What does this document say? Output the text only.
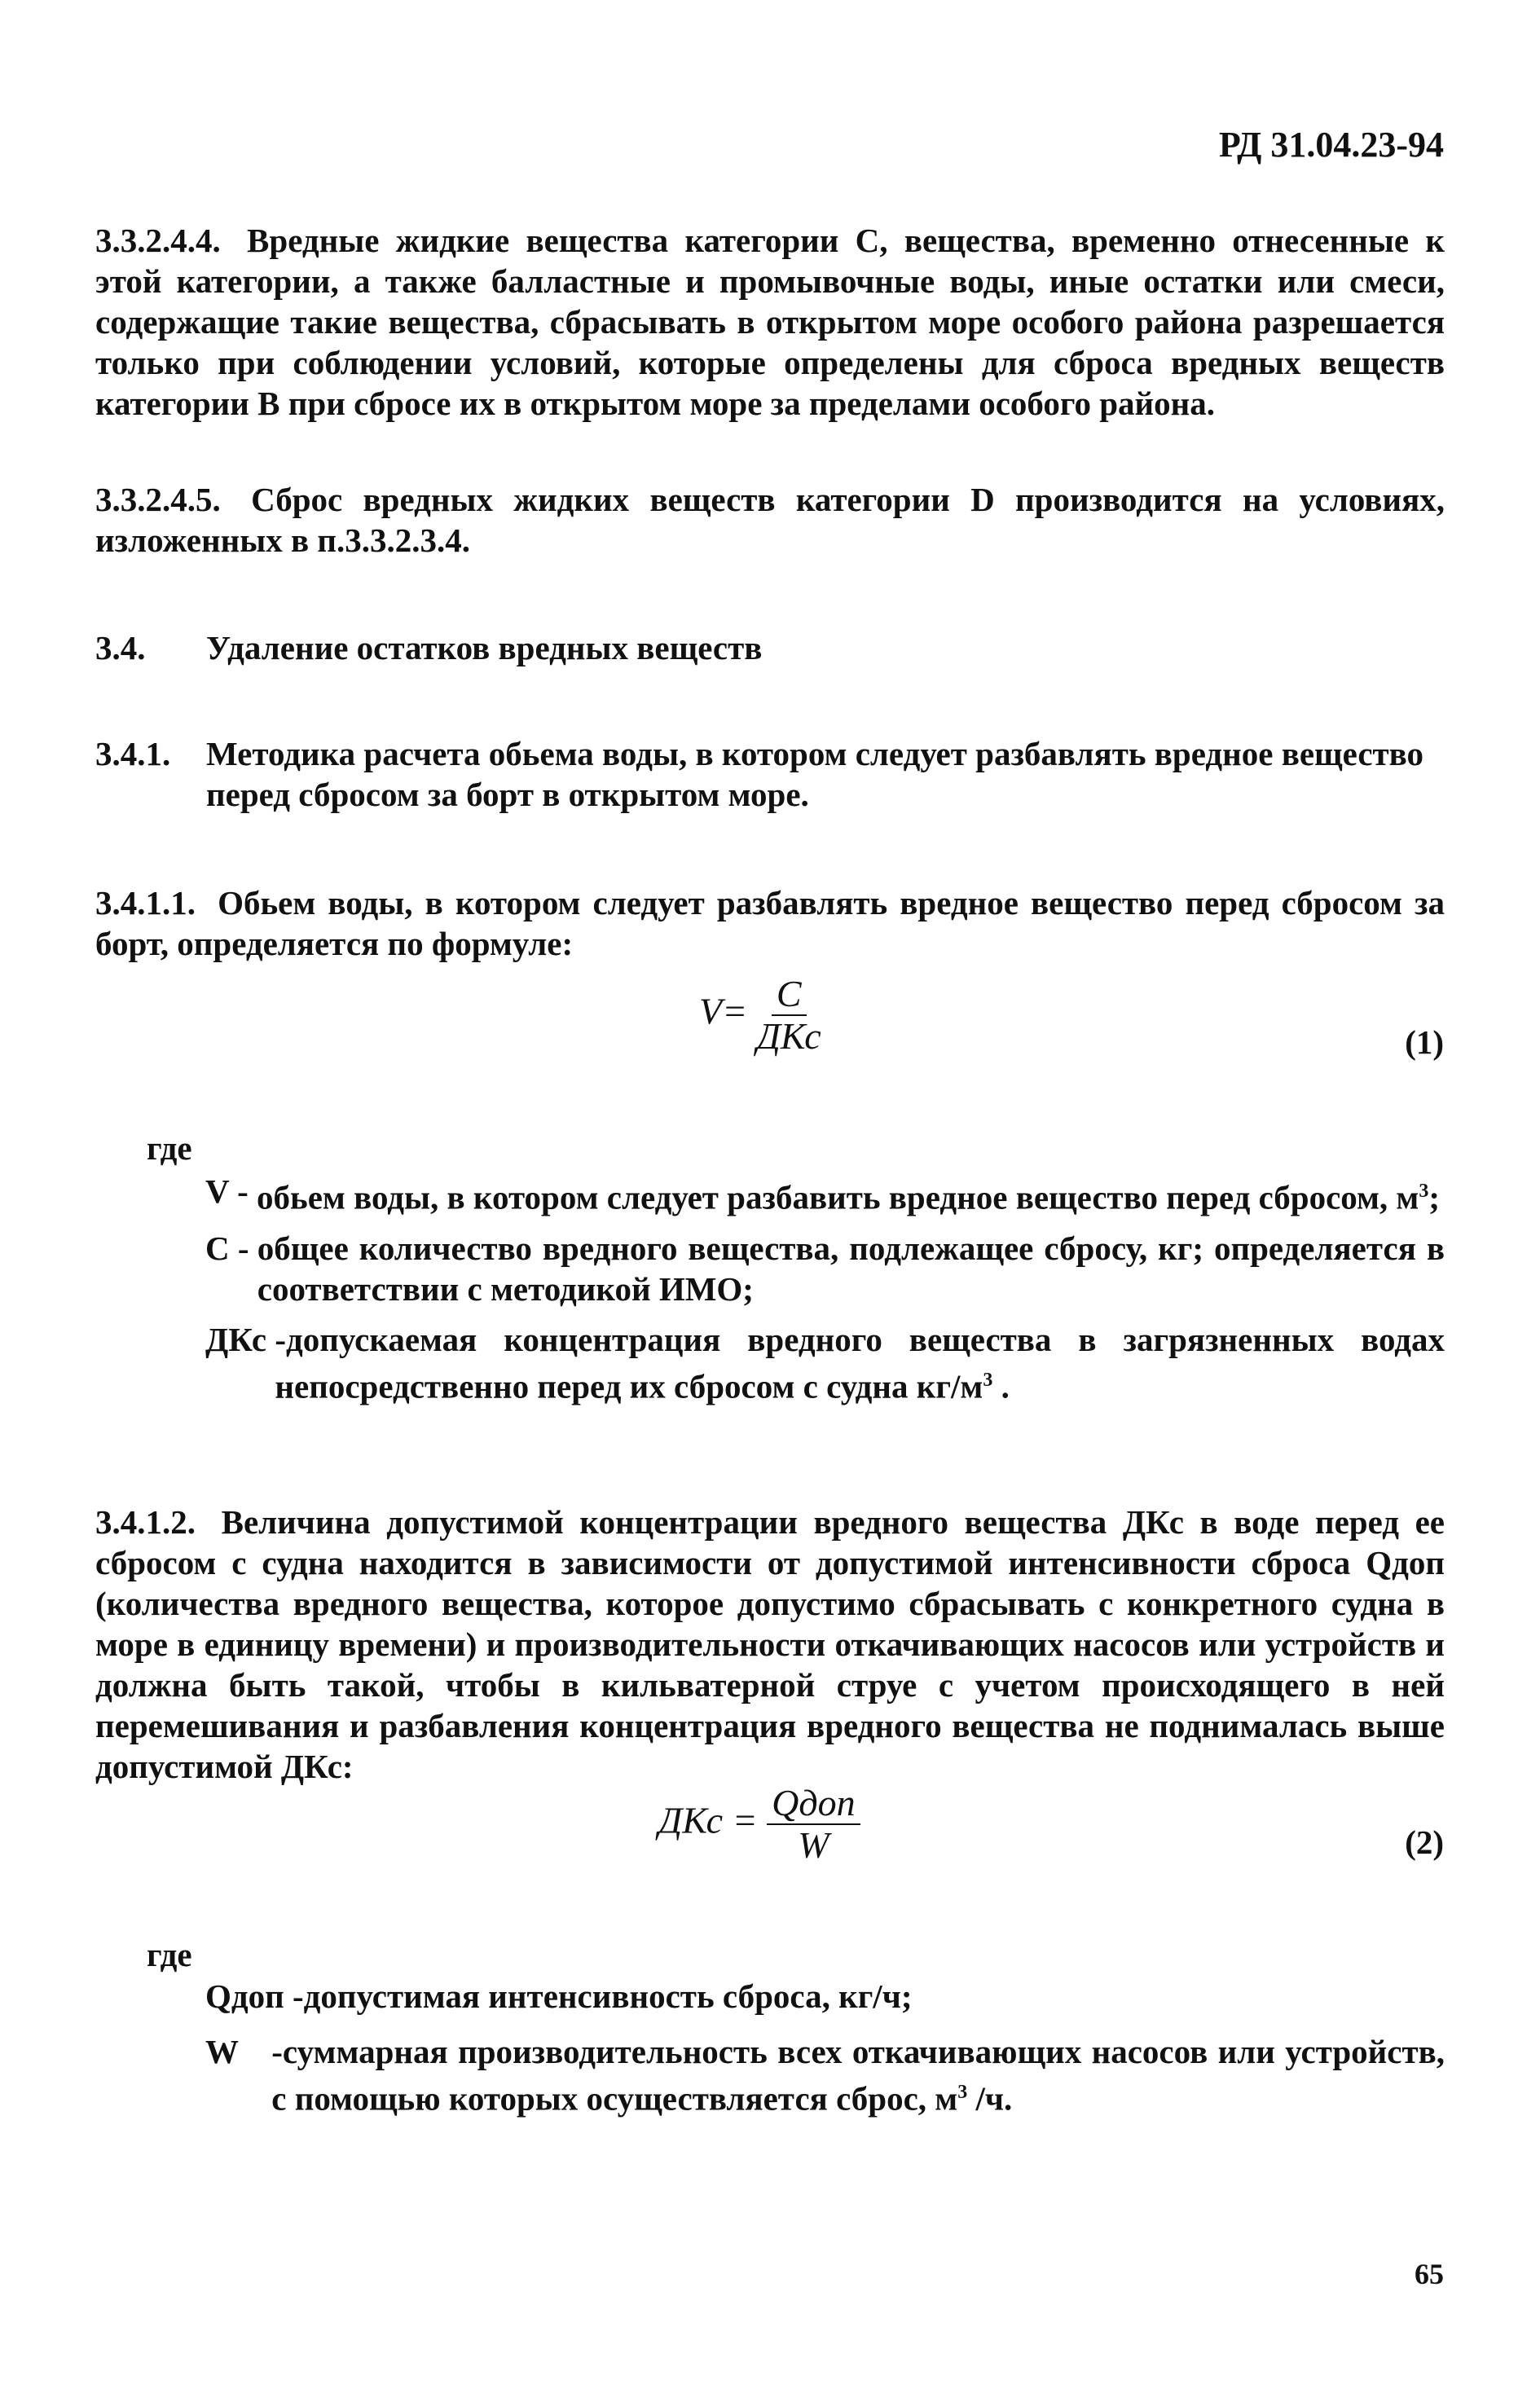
РД 31.04.23-94

3.3.2.4.4. Вредные жидкие вещества категории С, вещества, временно отнесенные к этой категории, а также балластные и промывочные воды, иные остатки или смеси, содержащие такие вещества, сбрасывать в открытом море особого района разрешается только при соблюдении условий, которые определены для сброса вредных веществ категории В при сбросе их в открытом море за пределами особого района.

3.3.2.4.5. Сброс вредных жидких веществ категории D производится на условиях, изложенных в п.3.3.2.3.4.

3.4. Удаление остатков вредных веществ
3.4.1.	Методика расчета обьема воды, в котором следует разбавлять вредное вещество перед сбросом за борт в открытом море.

3.4.1.1. Обьем воды, в котором следует разбавлять вредное вещество перед сбросом за борт, определяется по формуле:

$V= \frac{C}{\text{ДКс}}$	(1)
где
V - обьем воды, в котором следует разбавить вредное вещество перед сбросом, $м^3$;
С - общее количество вредного вещества, подлежащее сбросу, кг; определяется в соответствии с методикой ИМО;
ДКс -допускаемая концентрация вредного вещества в загрязненных водах непосредственно перед их сбросом с судна $кг/м^3$ .

3.4.1.2. Величина допустимой концентрации вредного вещества ДКс в воде перед ее сбросом с судна находится в зависимости от допустимой интенсивности сброса Qдоп (количества вредного вещества, которое допустимо сбрасывать с конкретного судна в море в единицу времени) и производительности откачивающих насосов или устройств и должна быть такой, чтобы в кильватерной струе с учетом происходящего в ней перемешивания и разбавления концентрация вредного вещества не поднималась выше допустимой ДКс:

ДКс = $\frac{\text{Qдоп}}{W}$	(2)
где
Qдоп -допустимая интенсивность сброса, кг/ч;
W -суммарная производительность всех откачивающих насосов или устройств, с помощью которых осуществляется сброс, $м^3$ /ч.
65
